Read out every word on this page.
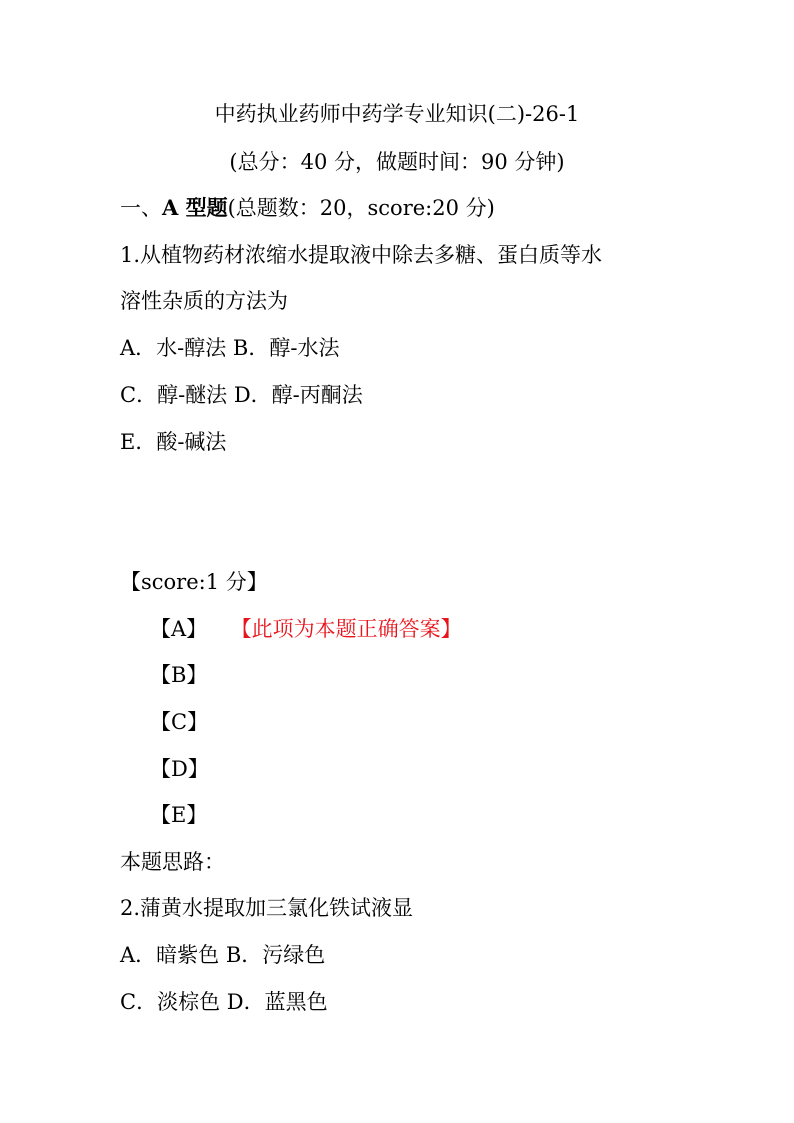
中药执业药师中药学专业知识(二)-26-1
(总分：40 分，做题时间：90 分钟)
一、A 型题(总题数：20，score:20 分)
1.从植物药材浓缩水提取液中除去多糖、蛋白质等水
溶性杂质的方法为
A．水-醇法 B．醇-水法
C．醇-醚法 D．醇-丙酮法
E．酸-碱法
【score:1 分】
【A】 【此项为本题正确答案】
【B】
【C】
【D】
【E】
本题思路：
2.蒲黄水提取加三氯化铁试液显
A．暗紫色 B．污绿色
C．淡棕色 D．蓝黑色
